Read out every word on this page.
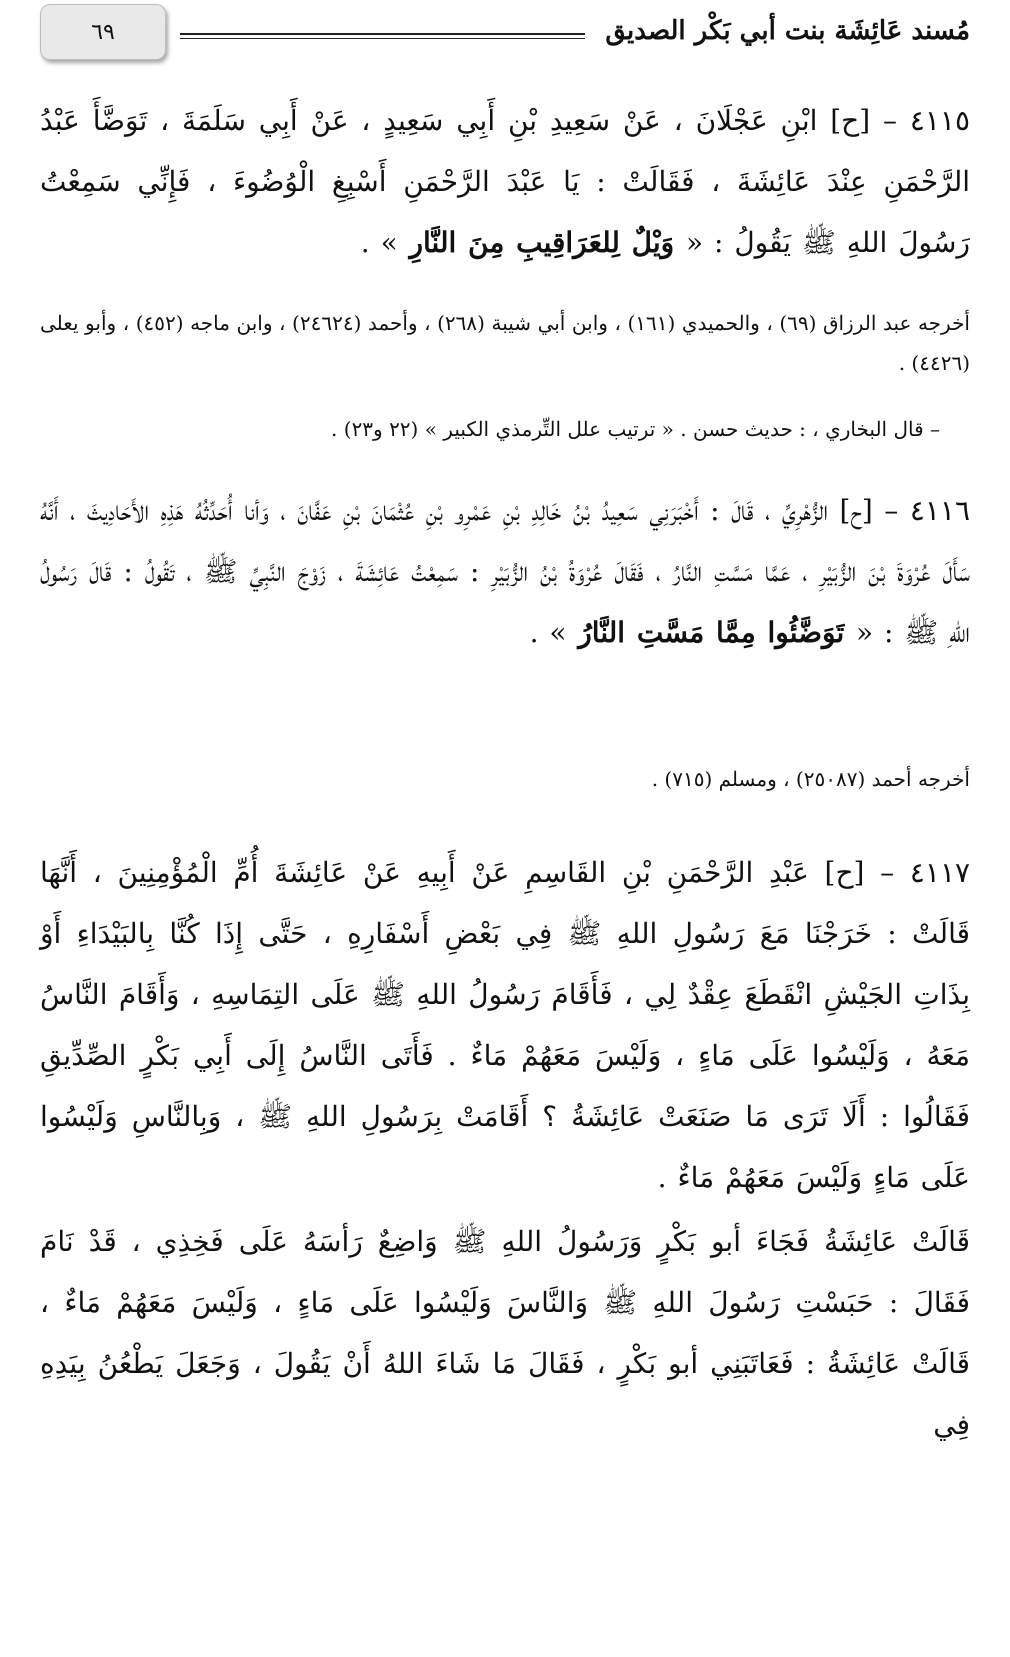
مُسند عَائِشَة بنت أبي بَكْر الصديق
٦٩
٤١١٥ – [ح] ابْنِ عَجْلَانَ ، عَنْ سَعِيدِ بْنِ أَبِي سَعِيدٍ ، عَنْ أَبِي سَلَمَةَ ، تَوَضَّأَ عَبْدُ الرَّحْمَنِ عِنْدَ عَائِشَةَ ، فَقَالَتْ : يَا عَبْدَ الرَّحْمَنِ أَسْبِغِ الْوُضُوءَ ، فَإِنِّي سَمِعْتُ رَسُولَ اللهِ ﷺ يَقُولُ : « وَيْلٌ لِلعَرَاقِيبِ مِنَ النَّارِ » .
أخرجه عبد الرزاق (٦٩) ، والحميدي (١٦١) ، وابن أبي شيبة (٢٦٨) ، وأحمد (٢٤٦٢٤) ، وابن ماجه (٤٥٢) ، وأبو يعلى (٤٤٢٦) .
– قال البخاري ، : حديث حسن . « ترتيب علل التِّرمذي الكبير » (٢٢ و٢٣) .
٤١١٦ – [ح] الزُّهْرِيِّ ، قَالَ : أَخْبَرَنِي سَعِيدُ بْنُ خَالِدِ بْنِ عَمْرِو بْنِ عُثْمَانَ بْنِ عَفَّانَ ، وَأنا أُحَدِّثُهُ هَذِهِ الأَحَادِيثَ ، أَنَّهُ سَأَلَ عُرْوَةَ بْنَ الزُّبَيْرِ ، عَمَّا مَسَّتِ النَّارُ ، فَقَالَ عُرْوَةُ بْنُ الزُّبَيْرِ : سَمِعْتُ عَائِشَةَ ، زَوْجَ النَّبِيِّ ﷺ ، تَقُولُ : قَالَ رَسُولُ اللهِ ﷺ : « تَوَضَّئُوا مِمَّا مَسَّتِ النَّارُ » .
أخرجه أحمد (٢٥٠٨٧) ، ومسلم (٧١٥) .
٤١١٧ – [ح] عَبْدِ الرَّحْمَنِ بْنِ القَاسِمِ عَنْ أَبِيهِ عَنْ عَائِشَةَ أُمِّ الْمُؤْمِنِينَ ، أَنَّهَا قَالَتْ : خَرَجْنَا مَعَ رَسُولِ اللهِ ﷺ فِي بَعْضِ أَسْفَارِهِ ، حَتَّى إِذَا كُنَّا بِالبَيْدَاءِ أَوْ بِذَاتِ الجَيْشِ انْقَطَعَ عِقْدٌ لِي ، فَأَقَامَ رَسُولُ اللهِ ﷺ عَلَى التِمَاسِهِ ، وَأَقَامَ النَّاسُ مَعَهُ ، وَلَيْسُوا عَلَى مَاءٍ ، وَلَيْسَ مَعَهُمْ مَاءٌ . فَأَتَى النَّاسُ إِلَى أَبِي بَكْرٍ الصِّدِّيقِ فَقَالُوا : أَلَا تَرَى مَا صَنَعَتْ عَائِشَةُ ؟ أَقَامَتْ بِرَسُولِ اللهِ ﷺ ، وَبِالنَّاسِ وَلَيْسُوا عَلَى مَاءٍ وَلَيْسَ مَعَهُمْ مَاءٌ .
قَالَتْ عَائِشَةُ فَجَاءَ أبو بَكْرٍ وَرَسُولُ اللهِ ﷺ وَاضِعٌ رَأسَهُ عَلَى فَخِذِي ، قَدْ نَامَ فَقَالَ : حَبَسْتِ رَسُولَ اللهِ ﷺ وَالنَّاسَ وَلَيْسُوا عَلَى مَاءٍ ، وَلَيْسَ مَعَهُمْ مَاءٌ ، قَالَتْ عَائِشَةُ : فَعَاتَبَنِي أبو بَكْرٍ ، فَقَالَ مَا شَاءَ اللهُ أَنْ يَقُولَ ، وَجَعَلَ يَطْعُنُ بِيَدِهِ فِي
